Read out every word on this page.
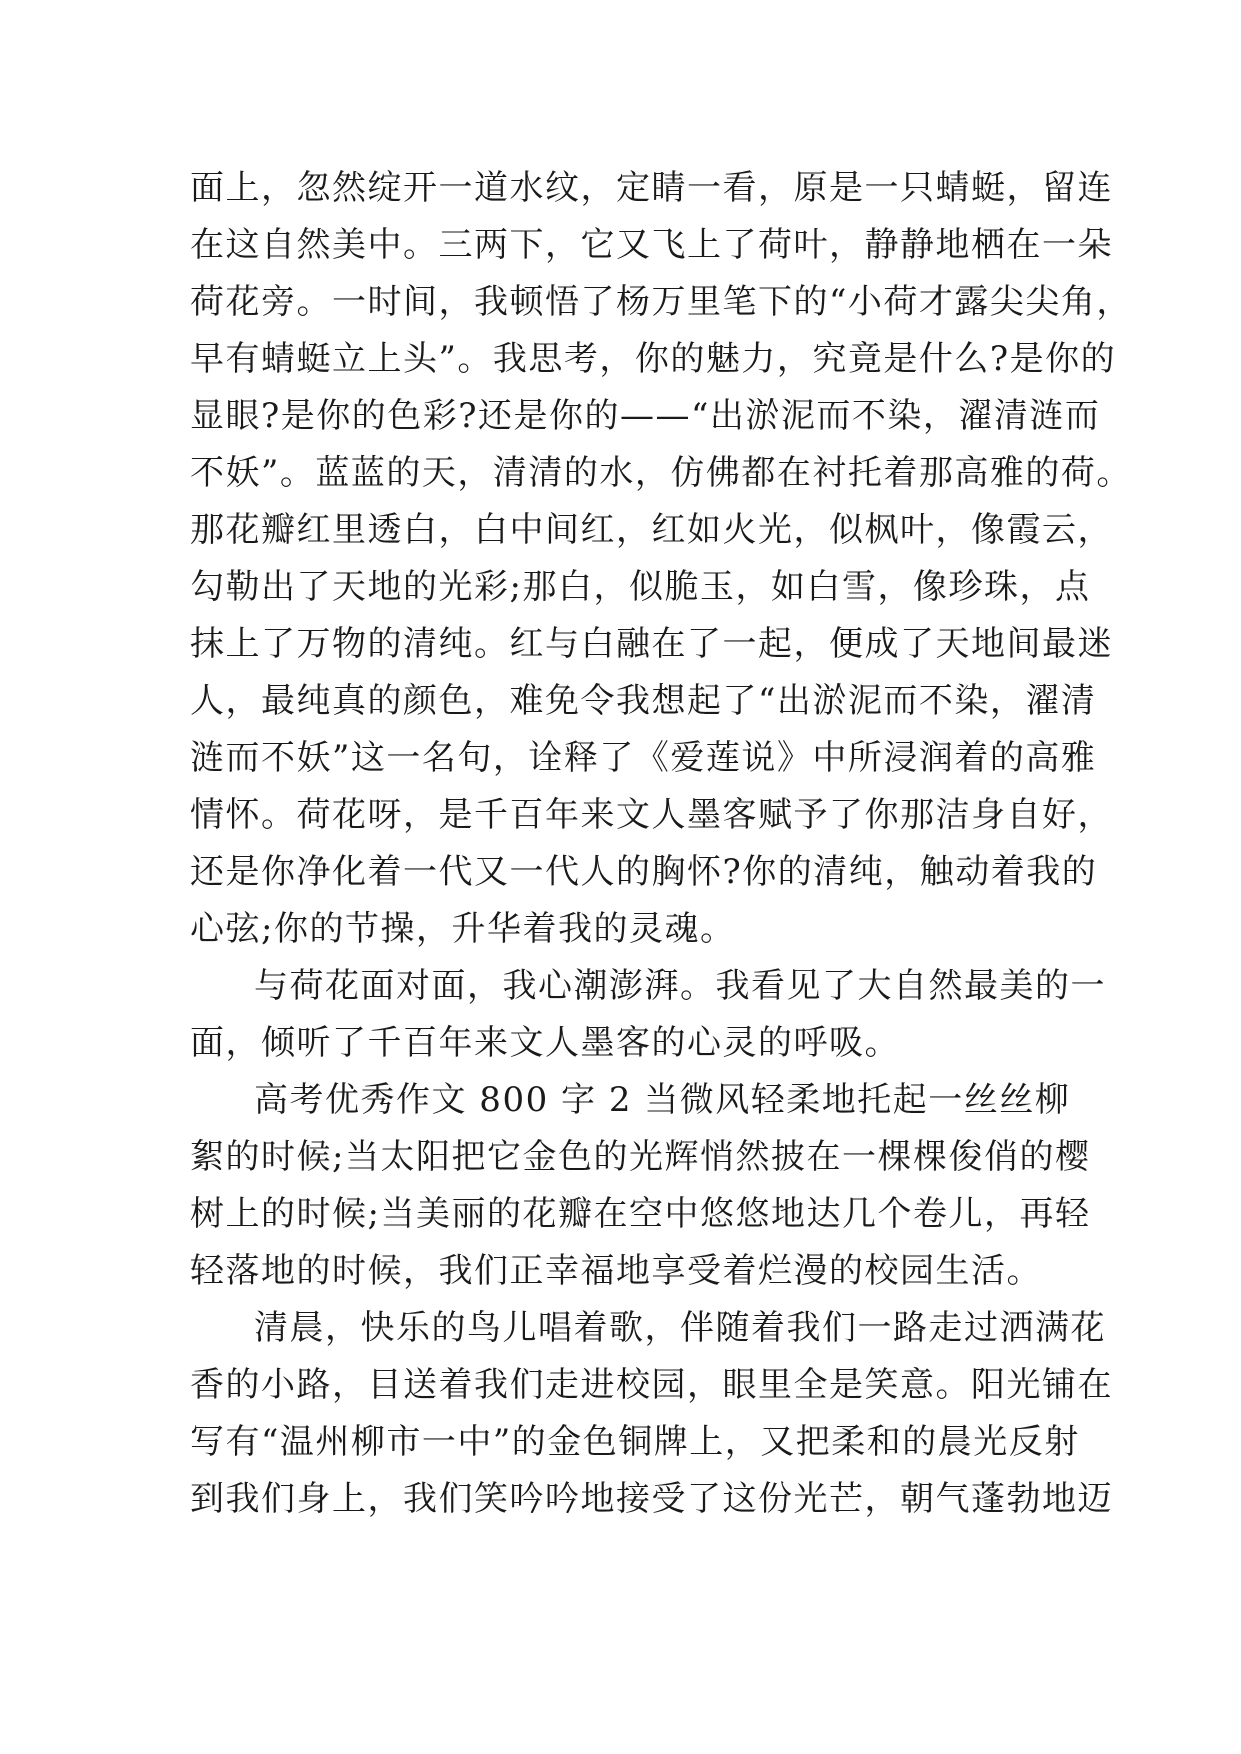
面上，忽然绽开一道水纹，定睛一看，原是一只蜻蜓，留连
在这自然美中。三两下，它又飞上了荷叶，静静地栖在一朵
荷花旁。一时间，我顿悟了杨万里笔下的“小荷才露尖尖角，
早有蜻蜓立上头”。我思考，你的魅力，究竟是什么?是你的
显眼?是你的色彩?还是你的——“出淤泥而不染，濯清涟而
不妖”。蓝蓝的天，清清的水，仿佛都在衬托着那高雅的荷。
那花瓣红里透白，白中间红，红如火光，似枫叶，像霞云，
勾勒出了天地的光彩;那白，似脆玉，如白雪，像珍珠，点
抹上了万物的清纯。红与白融在了一起，便成了天地间最迷
人，最纯真的颜色，难免令我想起了“出淤泥而不染，濯清
涟而不妖”这一名句，诠释了《爱莲说》中所浸润着的高雅
情怀。荷花呀，是千百年来文人墨客赋予了你那洁身自好，
还是你净化着一代又一代人的胸怀?你的清纯，触动着我的
心弦;你的节操，升华着我的灵魂。
与荷花面对面，我心潮澎湃。我看见了大自然最美的一
面，倾听了千百年来文人墨客的心灵的呼吸。
高考优秀作文 800 字 2 当微风轻柔地托起一丝丝柳
絮的时候;当太阳把它金色的光辉悄然披在一棵棵俊俏的樱
树上的时候;当美丽的花瓣在空中悠悠地达几个卷儿，再轻
轻落地的时候，我们正幸福地享受着烂漫的校园生活。
清晨，快乐的鸟儿唱着歌，伴随着我们一路走过洒满花
香的小路，目送着我们走进校园，眼里全是笑意。阳光铺在
写有“温州柳市一中”的金色铜牌上，又把柔和的晨光反射
到我们身上，我们笑吟吟地接受了这份光芒，朝气蓬勃地迈
